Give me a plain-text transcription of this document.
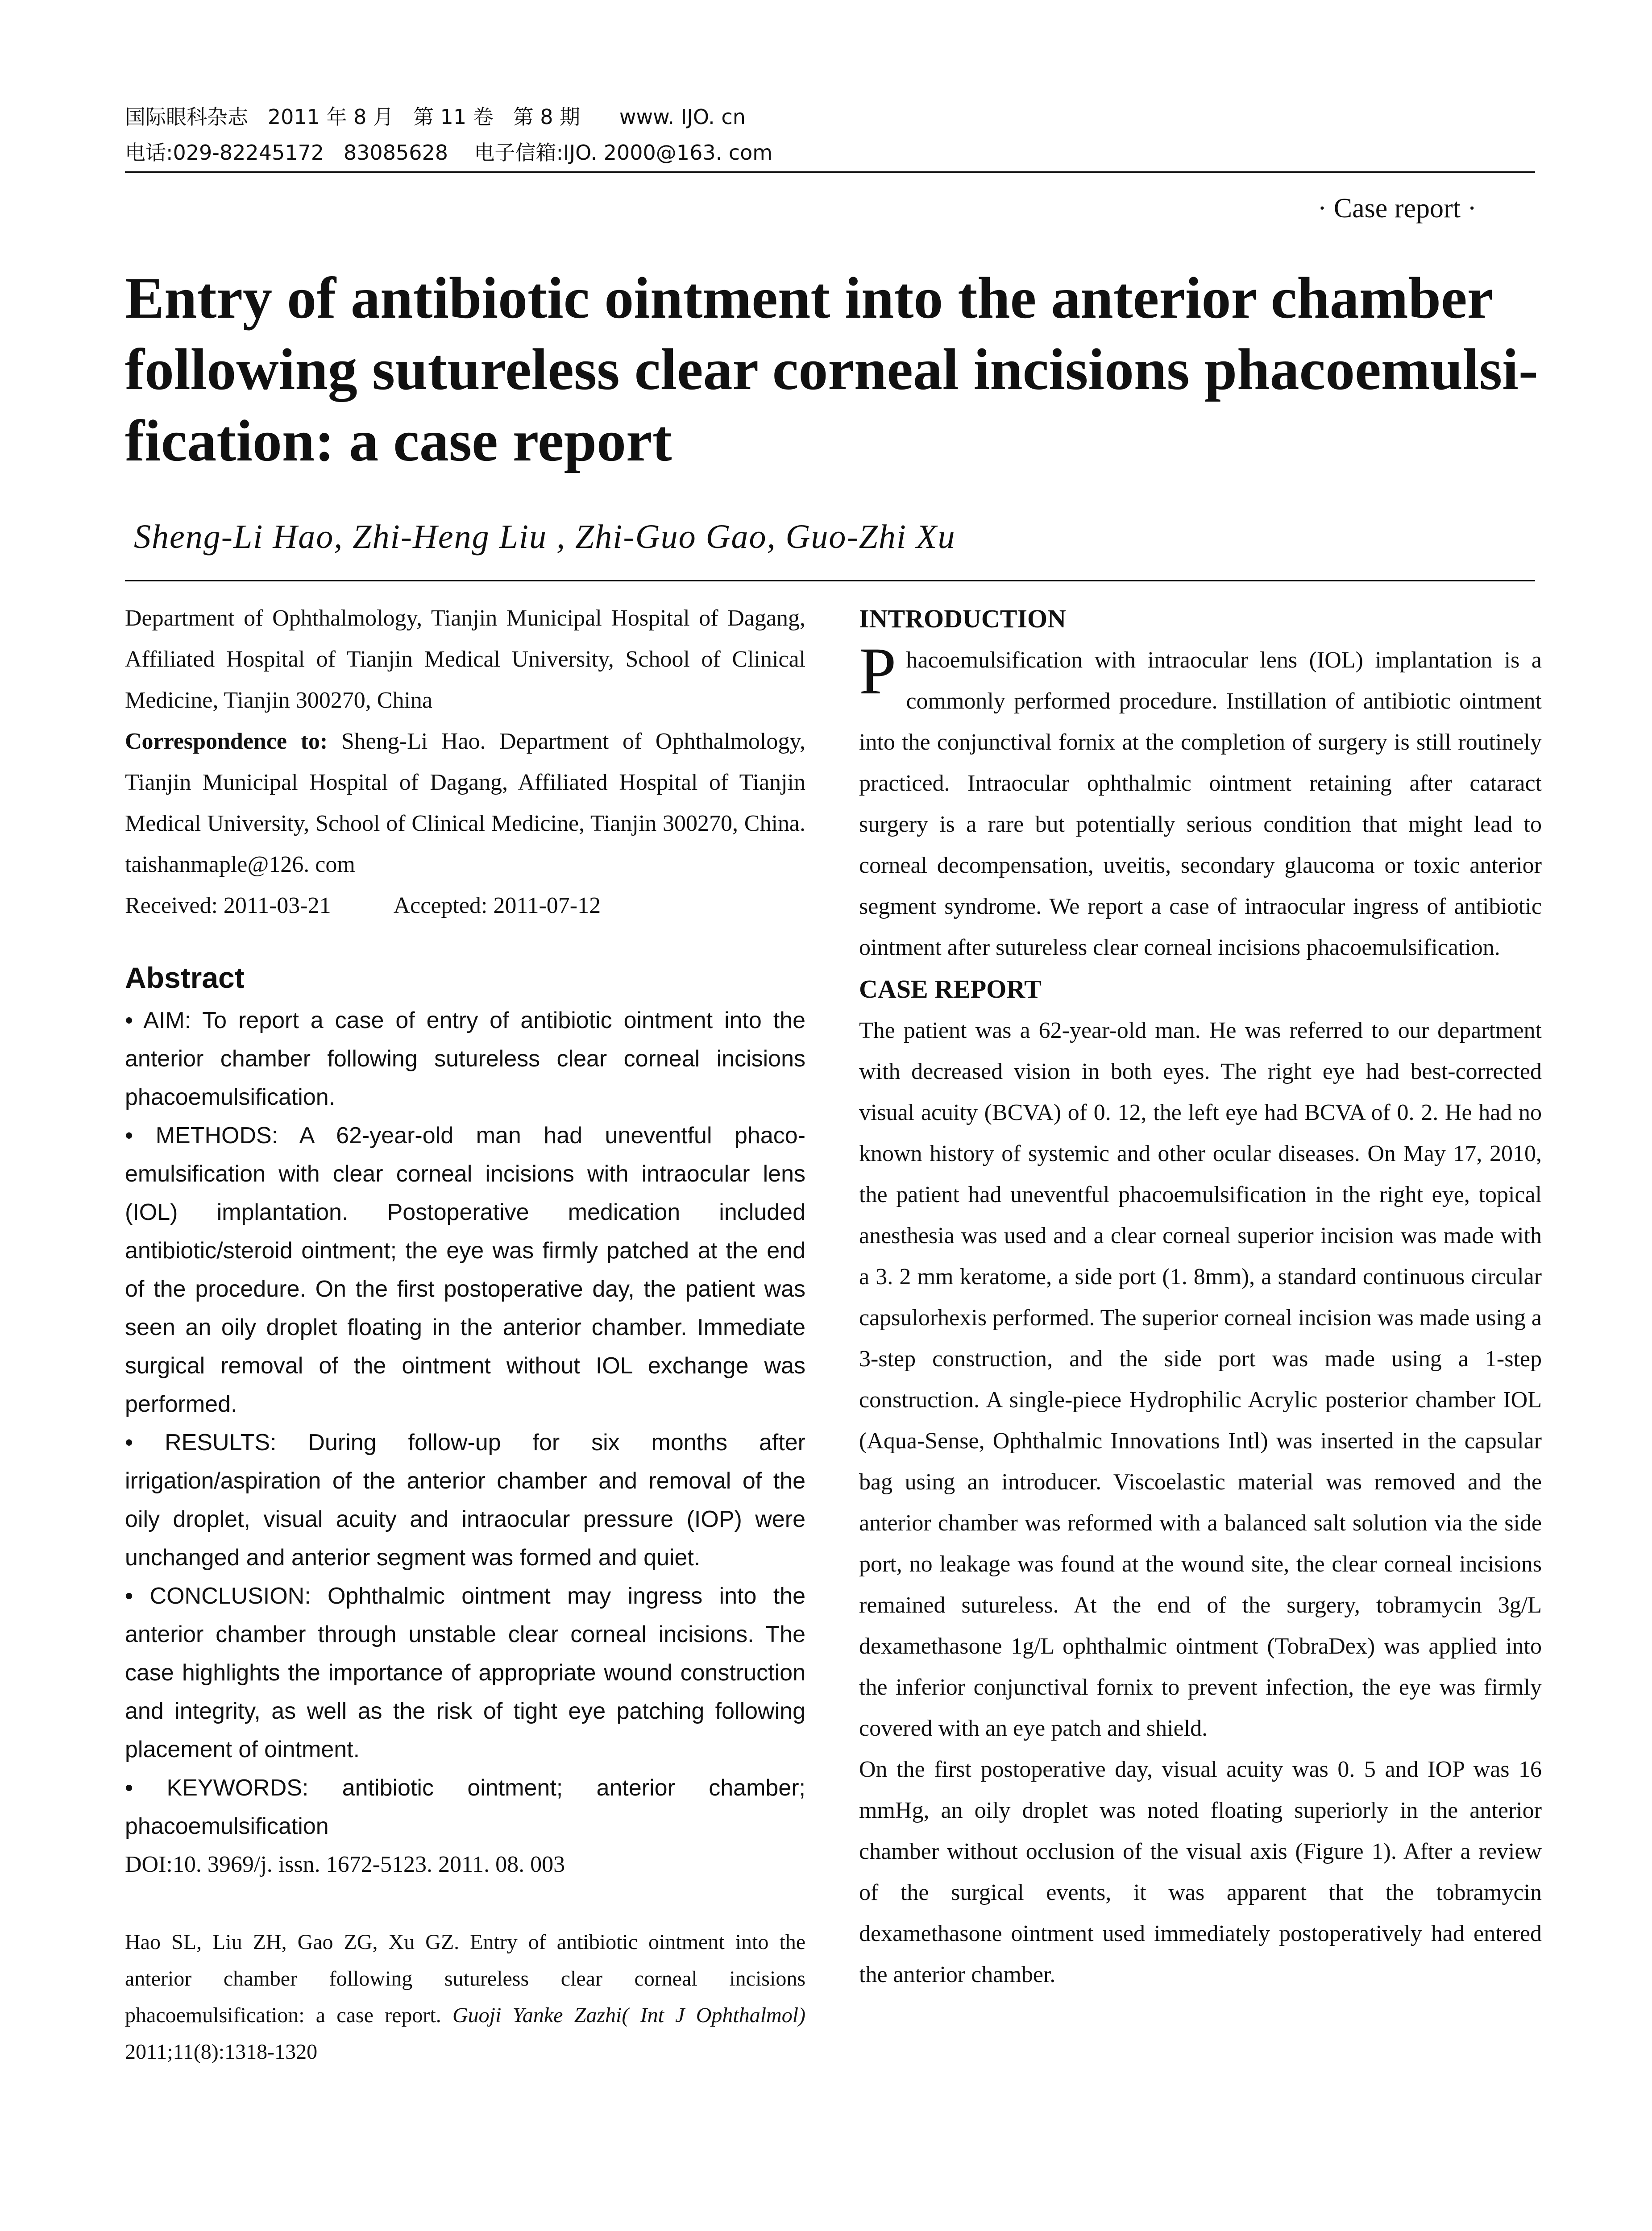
国际眼科杂志   2011 年 8 月   第 11 卷   第 8 期      www. IJO. cn
电话:029-82245172   83085628    电子信箱:IJO. 2000@163. com
· Case report ·
Entry of antibiotic ointment into the anterior chamber following sutureless clear corneal incisions phacoemulsi-fication: a case report
Sheng-Li Hao, Zhi-Heng Liu , Zhi-Guo Gao, Guo-Zhi Xu

Department of Ophthalmology, Tianjin Municipal Hospital of Dagang, Affiliated Hospital of Tianjin Medical University, School of Clinical Medicine, Tianjin 300270, China

Correspondence to: Sheng-Li Hao. Department of Ophthalmology, Tianjin Municipal Hospital of Dagang, Affiliated Hospital of Tianjin Medical University, School of Clinical Medicine, Tianjin 300270, China. taishanmaple@126. com

Received: 2011-03-21	Accepted: 2011-07-12

Abstract

• AIM: To report a case of entry of antibiotic ointment into the anterior chamber following sutureless clear corneal incisions phacoemulsification.

• METHODS: A 62-year-old man had uneventful phaco-emulsification with clear corneal incisions with intraocular lens (IOL) implantation. Postoperative medication included antibiotic/steroid ointment; the eye was firmly patched at the end of the procedure. On the first postoperative day, the patient was seen an oily droplet floating in the anterior chamber. Immediate surgical removal of the ointment without IOL exchange was performed.

• RESULTS: During follow-up for six months after irrigation/aspiration of the anterior chamber and removal of the oily droplet, visual acuity and intraocular pressure (IOP) were unchanged and anterior segment was formed and quiet.

• CONCLUSION: Ophthalmic ointment may ingress into the anterior chamber through unstable clear corneal incisions. The case highlights the importance of appropriate wound construction and integrity, as well as the risk of tight eye patching following placement of ointment.

• KEYWORDS: antibiotic ointment; anterior chamber; phacoemulsification

DOI:10. 3969/j. issn. 1672-5123. 2011. 08. 003

Hao SL, Liu ZH, Gao ZG, Xu GZ. Entry of antibiotic ointment into the anterior chamber following sutureless clear corneal incisions phacoemulsification: a case report. Guoji Yanke Zazhi( Int J Ophthalmol) 2011;11(8):1318-1320

INTRODUCTION

Phacoemulsification with intraocular lens (IOL) implantation is a commonly performed procedure. Instillation of antibiotic ointment into the conjunctival fornix at the completion of surgery is still routinely practiced. Intraocular ophthalmic ointment retaining after cataract surgery is a rare but potentially serious condition that might lead to corneal decompensation, uveitis, secondary glaucoma or toxic anterior segment syndrome. We report a case of intraocular ingress of antibiotic ointment after sutureless clear corneal incisions phacoemulsification.

CASE REPORT

The patient was a 62-year-old man. He was referred to our department with decreased vision in both eyes. The right eye had best-corrected visual acuity (BCVA) of 0. 12, the left eye had BCVA of 0. 2. He had no known history of systemic and other ocular diseases. On May 17, 2010, the patient had uneventful phacoemulsification in the right eye, topical anesthesia was used and a clear corneal superior incision was made with a 3. 2 mm keratome, a side port (1. 8mm), a standard continuous circular capsulorhexis performed. The superior corneal incision was made using a 3-step construction, and the side port was made using a 1-step construction. A single-piece Hydrophilic Acrylic posterior chamber IOL (Aqua-Sense, Ophthalmic Innovations Intl) was inserted in the capsular bag using an introducer. Viscoelastic material was removed and the anterior chamber was reformed with a balanced salt solution via the side port, no leakage was found at the wound site, the clear corneal incisions remained sutureless. At the end of the surgery, tobramycin 3g/L dexamethasone 1g/L ophthalmic ointment (TobraDex) was applied into the inferior conjunctival fornix to prevent infection, the eye was firmly covered with an eye patch and shield.

On the first postoperative day, visual acuity was 0. 5 and IOP was 16 mmHg, an oily droplet was noted floating superiorly in the anterior chamber without occlusion of the visual axis (Figure 1). After a review of the surgical events, it was apparent that the tobramycin dexamethasone ointment used immediately postoperatively had entered the anterior chamber.
